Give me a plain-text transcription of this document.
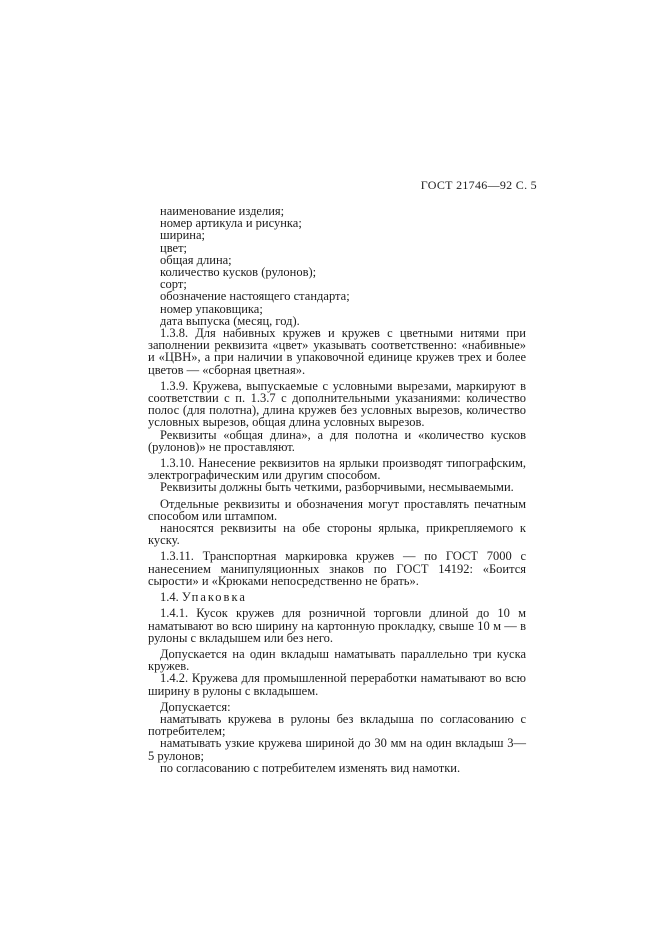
ГОСТ 21746—92 С. 5

наименование изделия;

номер артикула и рисунка;

ширина;

цвет;

общая длина;

количество кусков (рулонов);

сорт;

обозначение настоящего стандарта;

номер упаковщика;

дата выпуска (месяц, год).

1.3.8. Для набивных кружев и кружев с цветными нитями при заполнении реквизита «цвет» указывать соответственно: «набивные» и «ЦВН», а при наличии в упаковочной единице кружев трех и более цветов — «сборная цветная».

1.3.9. Кружева, выпускаемые с условными вырезами, маркируют в соответствии с п. 1.3.7 с дополнительными указаниями: количество полос (для полотна), длина кружев без условных вырезов, количество условных вырезов, общая длина условных вырезов.

Реквизиты «общая длина», а для полотна и «количество кусков (рулонов)» не проставляют.

1.3.10. Нанесение реквизитов на ярлыки производят типографским, электрографическим или другим способом.

Реквизиты должны быть четкими, разборчивыми, несмываемыми.

Отдельные реквизиты и обозначения могут проставлять печатным способом или штампом.

наносятся реквизиты на обе стороны ярлыка, прикрепляемого к куску.

1.3.11. Транспортная маркировка кружев — по ГОСТ 7000 с нанесением манипуляционных знаков по ГОСТ 14192: «Боится сырости» и «Крюками непосредственно не брать».

1.4. Упаковка

1.4.1. Кусок кружев для розничной торговли длиной до 10 м наматывают во всю ширину на картонную прокладку, свыше 10 м — в рулоны с вкладышем или без него.

Допускается на один вкладыш наматывать параллельно три куска кружев.

1.4.2. Кружева для промышленной переработки наматывают во всю ширину в рулоны с вкладышем.

Допускается:

наматывать кружева в рулоны без вкладыша по согласованию с потребителем;

наматывать узкие кружева шириной до 30 мм на один вкладыш 3—5 рулонов;

по согласованию с потребителем изменять вид намотки.
